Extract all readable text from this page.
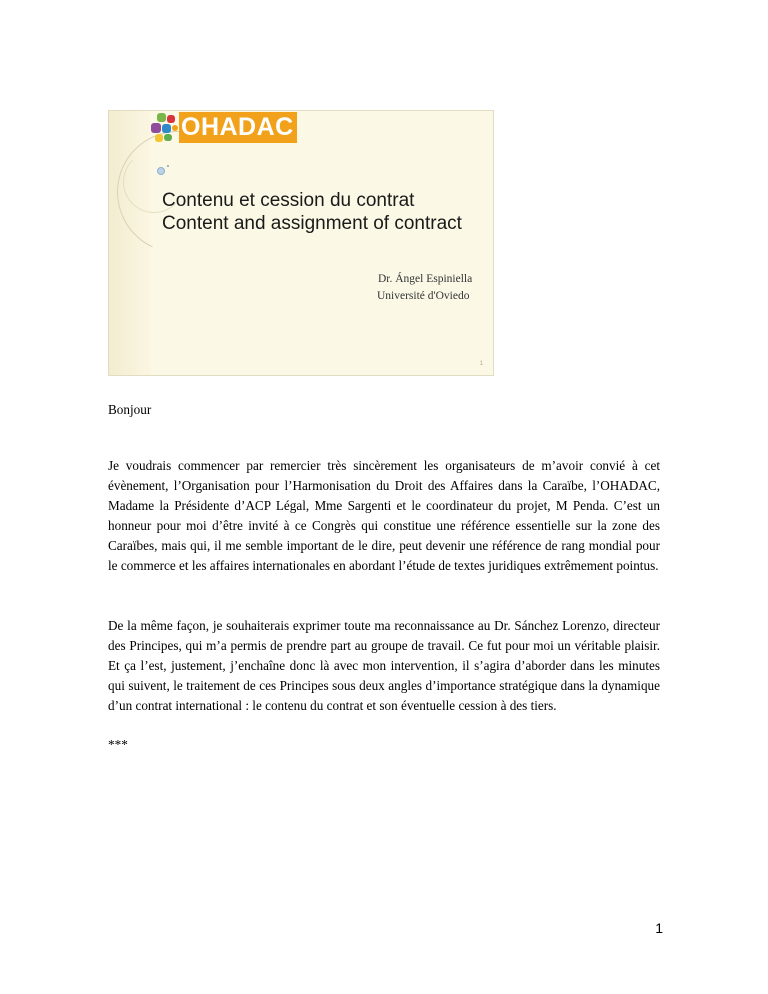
OHADAC
Contenu et cession du contrat
Content and assignment of contract
Dr. Ángel Espiniella
Université d'Oviedo
1
Bonjour
Je voudrais commencer par remercier très sincèrement les organisateurs de m’avoir convié à cet évènement, l’Organisation pour l’Harmonisation du Droit des Affaires dans la Caraïbe, l’OHADAC, Madame la Présidente d’ACP Légal, Mme Sargenti et le coordinateur du projet, M Penda. C’est un honneur pour moi d’être invité à ce Congrès qui constitue une référence essentielle sur la zone des Caraïbes, mais qui, il me semble important de le dire, peut devenir une référence de rang mondial pour le commerce et les affaires internationales en abordant l’étude de textes juridiques extrêmement pointus.
De la même façon, je souhaiterais exprimer toute ma reconnaissance au Dr. Sánchez Lorenzo, directeur des Principes, qui m’a permis de prendre part au groupe de travail. Ce fut pour moi un véritable plaisir. Et ça l’est, justement, j’enchaîne donc là avec mon intervention, il s’agira d’aborder dans les minutes qui suivent, le traitement de ces Principes sous deux angles d’importance stratégique dans la dynamique d’un contrat international : le contenu du contrat et son éventuelle cession à des tiers.
***
1
